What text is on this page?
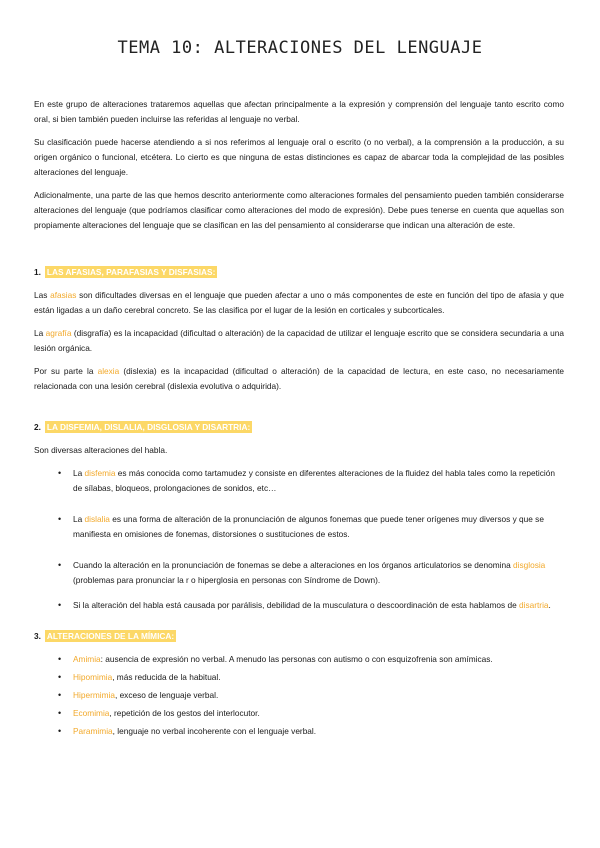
TEMA 10: ALTERACIONES DEL LENGUAJE

En este grupo de alteraciones trataremos aquellas que afectan principalmente a la expresión y comprensión del lenguaje tanto escrito como oral, si bien también pueden incluirse las referidas al lenguaje no verbal.

Su clasificación puede hacerse atendiendo a si nos referimos al lenguaje oral o escrito (o no verbal), a la comprensión a la producción, a su origen orgánico o funcional, etcétera. Lo cierto es que ninguna de estas distinciones es capaz de abarcar toda la complejidad de las posibles alteraciones del lenguaje.

Adicionalmente, una parte de las que hemos descrito anteriormente como alteraciones formales del pensamiento pueden también considerarse alteraciones del lenguaje (que podríamos clasificar como alteraciones del modo de expresión). Debe pues tenerse en cuenta que aquellas son propiamente alteraciones del lenguaje que se clasifican en las del pensamiento al considerarse que indican una alteración de este.

1. LAS AFASIAS, PARAFASIAS Y DISFASIAS:

Las afasias son dificultades diversas en el lenguaje que pueden afectar a uno o más componentes de este en función del tipo de afasia y que están ligadas a un daño cerebral concreto. Se las clasifica por el lugar de la lesión en corticales y subcorticales.

La agrafía (disgrafía) es la incapacidad (dificultad o alteración) de la capacidad de utilizar el lenguaje escrito que se considera secundaria a una lesión orgánica.

Por su parte la alexia (dislexia) es la incapacidad (dificultad o alteración) de la capacidad de lectura, en este caso, no necesariamente relacionada con una lesión cerebral (dislexia evolutiva o adquirida).

2. LA DISFEMIA, DISLALIA, DISGLOSIA Y DISARTRIA:

Son diversas alteraciones del habla.

• La disfemia es más conocida como tartamudez y consiste en diferentes alteraciones de la fluidez del habla tales como la repetición de sílabas, bloqueos, prolongaciones de sonidos, etc…
• La dislalia es una forma de alteración de la pronunciación de algunos fonemas que puede tener orígenes muy diversos y que se manifiesta en omisiones de fonemas, distorsiones o sustituciones de estos.
• Cuando la alteración en la pronunciación de fonemas se debe a alteraciones en los órganos articulatorios se denomina disglosia (problemas para pronunciar la r o hiperglosia en personas con Síndrome de Down).
• Si la alteración del habla está causada por parálisis, debilidad de la musculatura o descoordinación de esta hablamos de disartria.
3. ALTERACIONES DE LA MÍMICA:
• Amimia: ausencia de expresión no verbal. A menudo las personas con autismo o con esquizofrenia son amímicas.
• Hipomimia, más reducida de la habitual.
• Hipermimia, exceso de lenguaje verbal.
• Ecomimia, repetición de los gestos del interlocutor.
• Paramimia, lenguaje no verbal incoherente con el lenguaje verbal.
